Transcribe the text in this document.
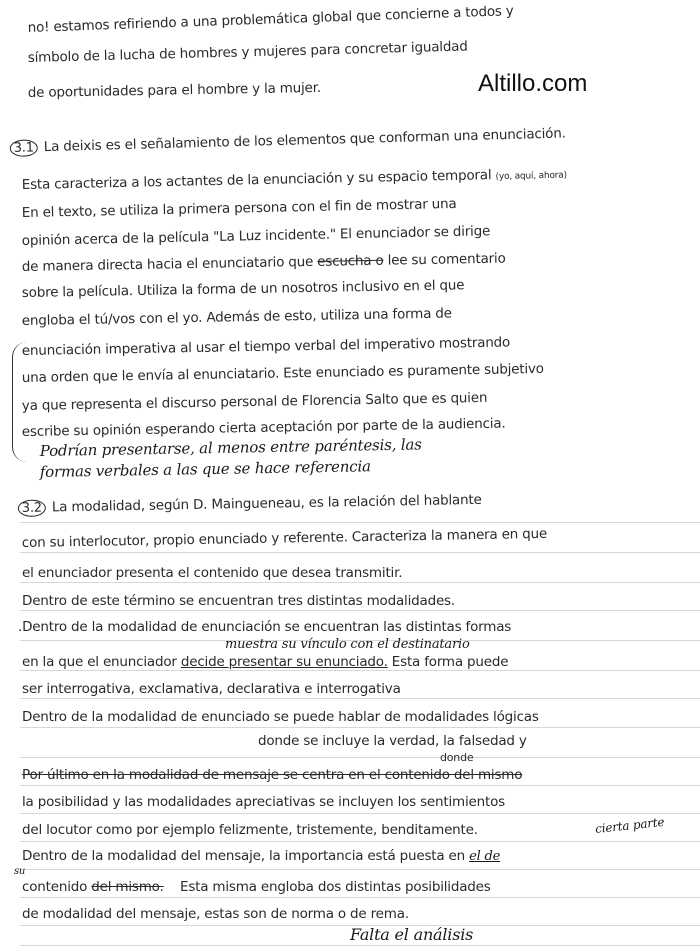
Altillo.com
no! estamos refiriendo a una problemática global que concierne a todos y
símbolo de la lucha de hombres y mujeres para concretar igualdad
de oportunidades para el hombre y la mujer.
3.1 La deixis es el señalamiento de los elementos que conforman una enunciación.
Esta caracteriza a los actantes de la enunciación y su espacio temporal (yo, aquí, ahora)
En el texto, se utiliza la primera persona con el fin de mostrar una
opinión acerca de la película "La Luz incidente." El enunciador se dirige
de manera directa hacia el enunciatario que escucha o lee su comentario
sobre la película. Utiliza la forma de un nosotros inclusivo en el que
engloba el tú/vos con el yo. Además de esto, utiliza una forma de
enunciación imperativa al usar el tiempo verbal del imperativo mostrando
una orden que le envía al enunciatario. Este enunciado es puramente subjetivo
ya que representa el discurso personal de Florencia Salto que es quien
escribe su opinión esperando cierta aceptación por parte de la audiencia.
Podrían presentarse, al menos entre paréntesis, las
formas verbales a las que se hace referencia
3.2 La modalidad, según D. Maingueneau, es la relación del hablante
con su interlocutor, propio enunciado y referente. Caracteriza la manera en que
el enunciador presenta el contenido que desea transmitir.
Dentro de este término se encuentran tres distintas modalidades.
.Dentro de la modalidad de enunciación se encuentran las distintas formas
muestra su vínculo con el destinatario
en la que el enunciador decide presentar su enunciado. Esta forma puede
ser interrogativa, exclamativa, declarativa e interrogativa
Dentro de la modalidad de enunciado se puede hablar de modalidades lógicas
donde se incluye la verdad, la falsedad y
donde
Por último en la modalidad de mensaje se centra en el contenido del mismo
la posibilidad y las modalidades apreciativas se incluyen los sentimientos
del locutor como por ejemplo felizmente, tristemente, benditamente.	cierta parte
Dentro de la modalidad del mensaje, la importancia está puesta en el de
su
contenido del mismo. Esta misma engloba dos distintas posibilidades
de modalidad del mensaje, estas son de norma o de rema.
Falta el análisis
